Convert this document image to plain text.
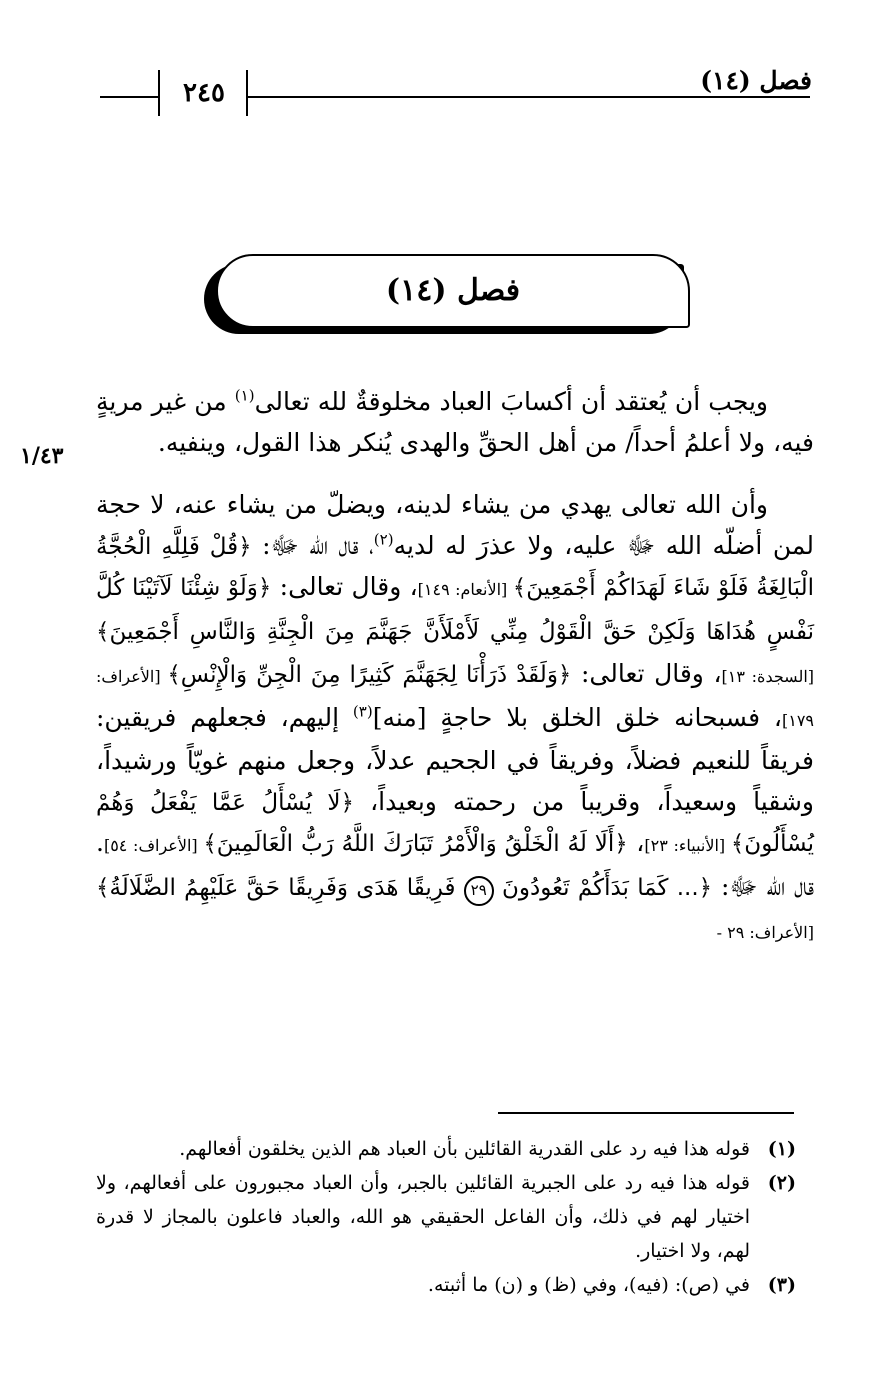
٢٤٥	فصل (١٤)
فصل (١٤)
١/٤٣

ويجب أن يُعتقد أن أكسابَ العباد مخلوقةٌ لله تعالى$^{(١)}$ من غير مريةٍ فيه، ولا أعلمُ أحداً/ من أهل الحقِّ والهدى يُنكر هذا القول، وينفيه.

وأن الله تعالى يهدي من يشاء لدينه، ويضلّ من يشاء عنه، لا حجة لمن أضلّه الله ﷻ عليه، ولا عذرَ له لديه$^{(٢)}$، قال الله ﷻ: ﴿قُلْ فَلِلَّهِ الْحُجَّةُ الْبَالِغَةُ فَلَوْ شَاءَ لَهَدَاكُمْ أَجْمَعِينَ﴾ [الأنعام: ١٤٩]، وقال تعالى: ﴿وَلَوْ شِئْنَا لَآتَيْنَا كُلَّ نَفْسٍ هُدَاهَا وَلَكِنْ حَقَّ الْقَوْلُ مِنِّي لَأَمْلَأَنَّ جَهَنَّمَ مِنَ الْجِنَّةِ وَالنَّاسِ أَجْمَعِينَ﴾ [السجدة: ١٣]، وقال تعالى: ﴿وَلَقَدْ ذَرَأْنَا لِجَهَنَّمَ كَثِيرًا مِنَ الْجِنِّ وَالْإِنْسِ﴾ [الأعراف: ١٧٩]، فسبحانه خلق الخلق بلا حاجةٍ [منه]$^{(٣)}$ إليهم، فجعلهم فريقين: فريقاً للنعيم فضلاً، وفريقاً في الجحيم عدلاً، وجعل منهم غويّاً ورشيداً، وشقياً وسعيداً، وقريباً من رحمته وبعيداً، ﴿لَا يُسْأَلُ عَمَّا يَفْعَلُ وَهُمْ يُسْأَلُونَ﴾ [الأنبياء: ٢٣]، ﴿أَلَا لَهُ الْخَلْقُ وَالْأَمْرُ تَبَارَكَ اللَّهُ رَبُّ الْعَالَمِينَ﴾ [الأعراف: ٥٤]. قال الله ﷻ: ﴿... كَمَا بَدَأَكُمْ تَعُودُونَ ٢٩ فَرِيقًا هَدَى وَفَرِيقًا حَقَّ عَلَيْهِمُ الضَّلَالَةُ﴾ [الأعراف: ٢٩ -

(١)
قوله هذا فيه رد على القدرية القائلين بأن العباد هم الذين يخلقون أفعالهم.

(٢)
قوله هذا فيه رد على الجبرية القائلين بالجبر، وأن العباد مجبورون على أفعالهم، ولا اختيار لهم في ذلك، وأن الفاعل الحقيقي هو الله، والعباد فاعلون بالمجاز لا قدرة لهم، ولا اختيار.

(٣)
في (ص): (فيه)، وفي (ظ) و (ن) ما أثبته.
